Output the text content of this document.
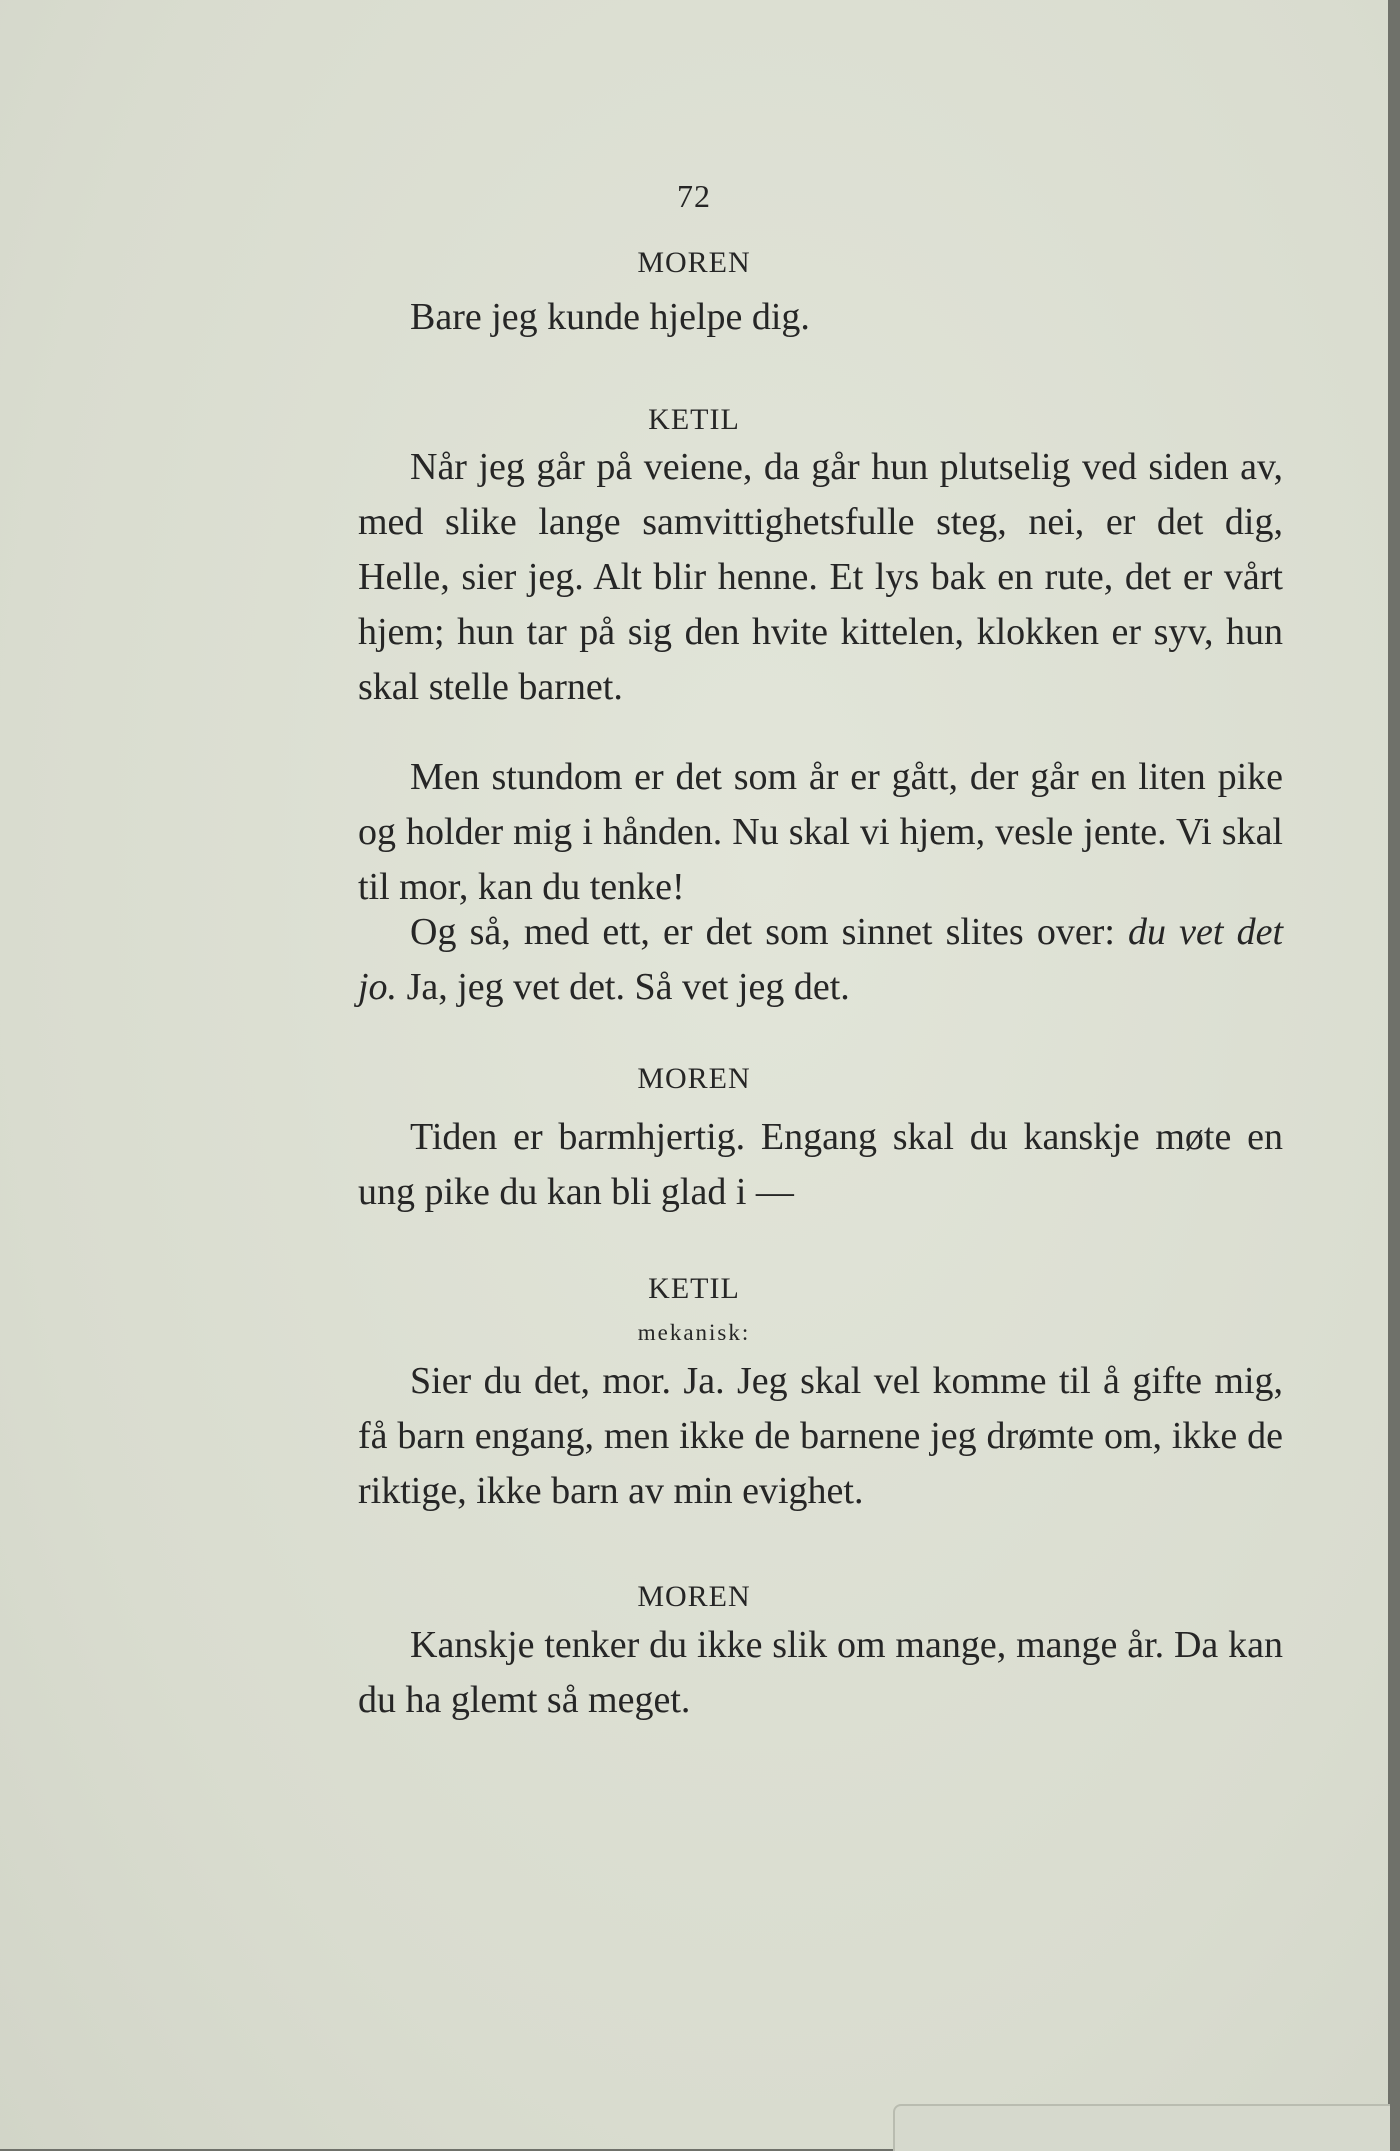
72
MOREN

Bare jeg kunde hjelpe dig.

KETIL

Når jeg går på veiene, da går hun plutselig ved siden av, med slike lange samvittighetsfulle steg, nei, er det dig, Helle, sier jeg. Alt blir henne. Et lys bak en rute, det er vårt hjem; hun tar på sig den hvite kittelen, klokken er syv, hun skal stelle barnet.

Men stundom er det som år er gått, der går en liten pike og holder mig i hånden. Nu skal vi hjem, vesle jente. Vi skal til mor, kan du tenke!

Og så, med ett, er det som sinnet slites over: du vet det jo. Ja, jeg vet det. Så vet jeg det.

MOREN

Tiden er barmhjertig. Engang skal du kanskje møte en ung pike du kan bli glad i —

KETIL
mekanisk:

Sier du det, mor. Ja. Jeg skal vel komme til å gifte mig, få barn engang, men ikke de barnene jeg drømte om, ikke de riktige, ikke barn av min evighet.

MOREN

Kanskje tenker du ikke slik om mange, mange år. Da kan du ha glemt så meget.
